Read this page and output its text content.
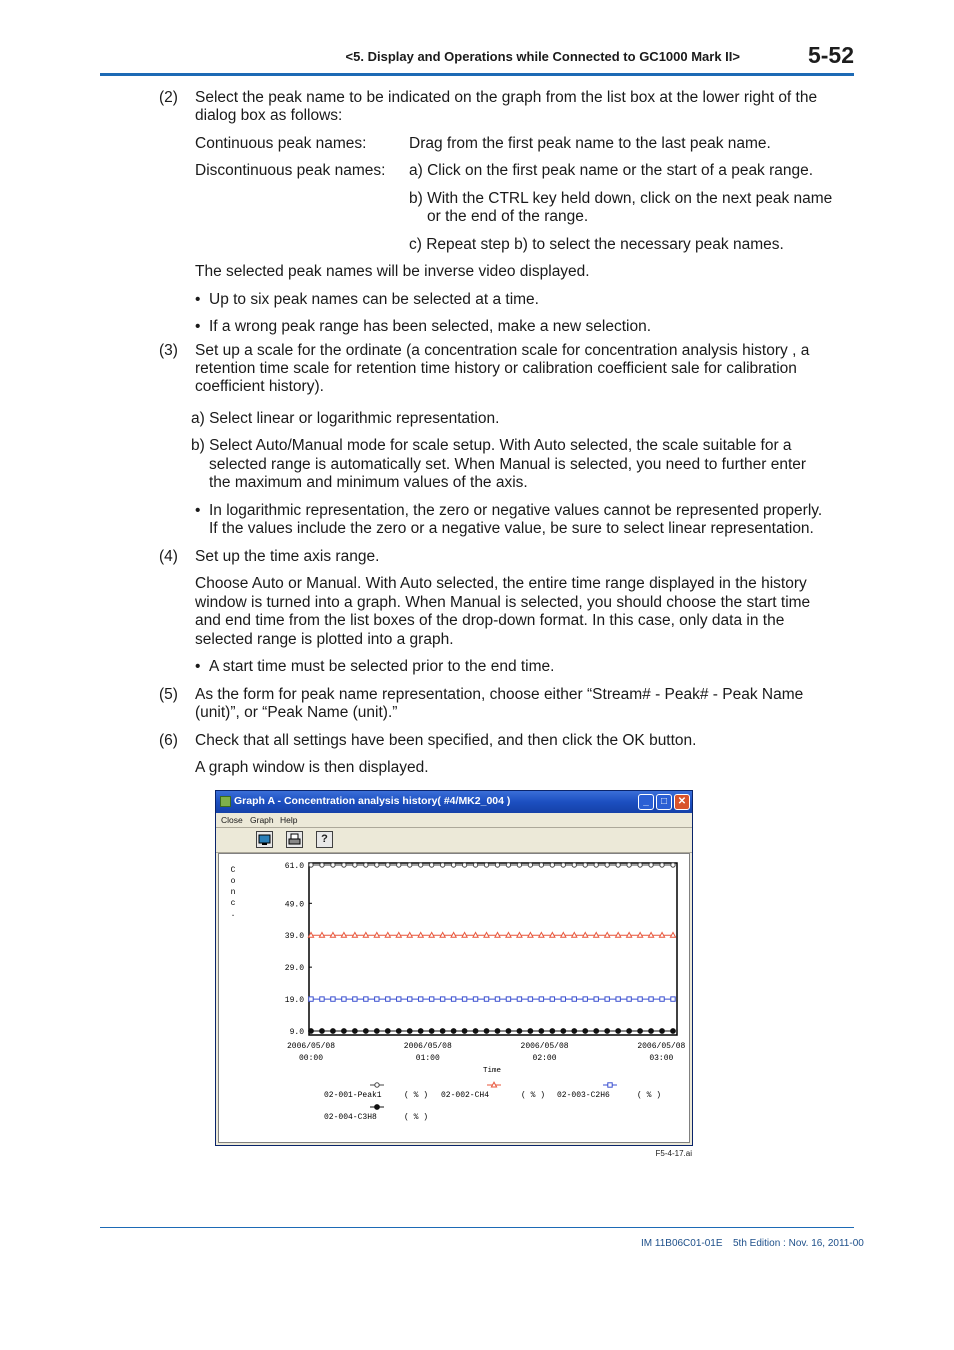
<5. Display and Operations while Connected to GC1000 Mark II>	5-52
(2) Select the peak name to be indicated on the graph from the list box at the lower right of the
dialog box as follows:
Continuous peak names:	Drag from the first peak name to the last peak name.
Discontinuous peak names: a) Click on the first peak name or the start of a peak range.
b) With the CTRL key held down, click on the next peak name
or the end of the range.
c) Repeat step b) to select the necessary peak names.
The selected peak names will be inverse video displayed.
• Up to six peak names can be selected at a time.
• If a wrong peak range has been selected, make a new selection.
(3) Set up a scale for the ordinate (a concentration scale for concentration analysis history , a
retention time scale for retention time history or calibration coefficient sale for calibration
coefficient history).
a) Select linear or logarithmic representation.
b) Select Auto/Manual mode for scale setup. With Auto selected, the scale suitable for a
selected range is automatically set. When Manual is selected, you need to further enter
the maximum and minimum values of the axis.
• In logarithmic representation, the zero or negative values cannot be represented properly.
If the values include the zero or a negative value, be sure to select linear representation.
(4) Set up the time axis range.
Choose Auto or Manual. With Auto selected, the entire time range displayed in the history
window is turned into a graph. When Manual is selected, you should choose the start time
and end time from the list boxes of the drop-down format. In this case, only data in the
selected range is plotted into a graph.
• A start time must be selected prior to the end time.
(5) As the form for peak name representation, choose either “Stream# - Peak# - Peak Name
(unit)”, or “Peak Name (unit).”
(6) Check that all settings have been specified, and then click the OK button.
A graph window is then displayed.
Graph A - Concentration analysis history( #4/MK2_004 )	_	□	✕
Close Graph Help
?
C
o
n
c
.
61.0
49.0
39.0
29.0
19.0
9.0
2006/05/08
00:00
2006/05/08
01:00
2006/05/08
02:00
2006/05/08
03:00
Time
02-001-Peak1	( % ) 02-002-CH4	( % ) 02-003-C2H6	( % )
02-004-C3H8	( % )
F5-4-17.ai
IM 11B06C01-01E 5th Edition : Nov. 16, 2011-00
